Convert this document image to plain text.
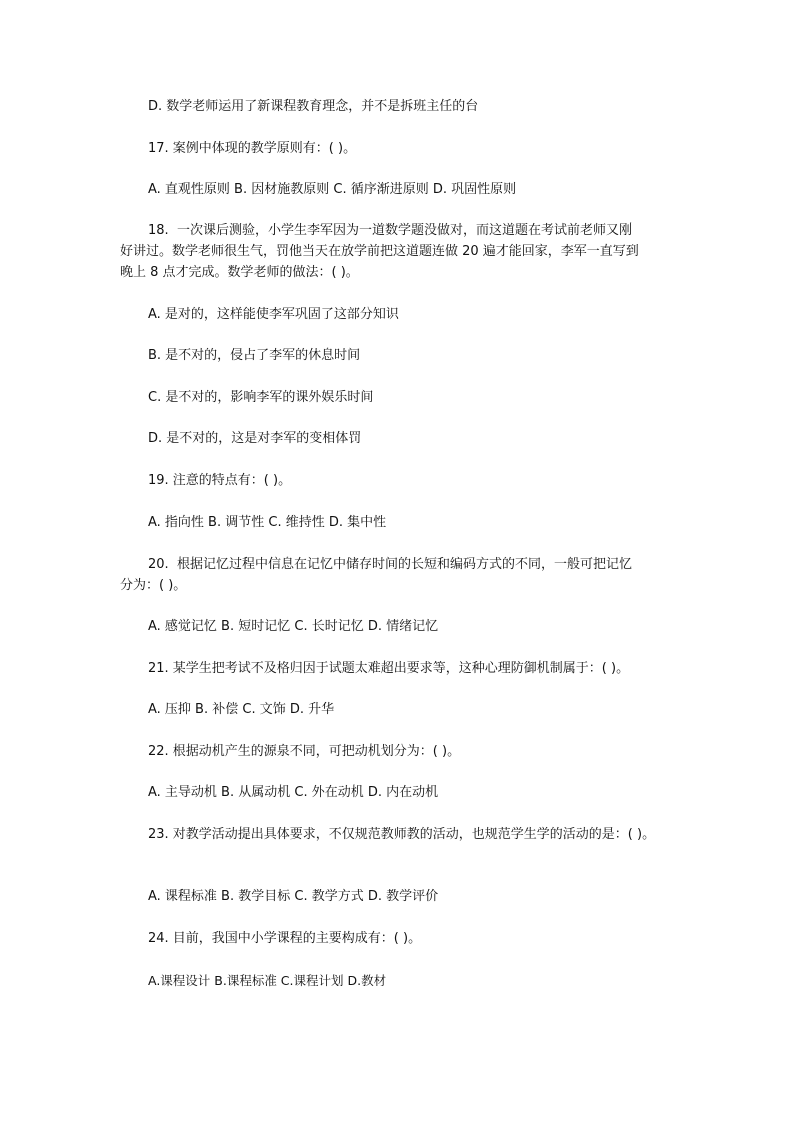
D. 数学老师运用了新课程教育理念，并不是拆班主任的台

17. 案例中体现的教学原则有：( )。

A. 直观性原则 B. 因材施教原则 C. 循序渐进原则 D. 巩固性原则

18.  一次课后测验，小学生李军因为一道数学题没做对，而这道题在考试前老师又刚

好讲过。数学老师很生气，罚他当天在放学前把这道题连做 20 遍才能回家，李军一直写到

晚上 8 点才完成。数学老师的做法：( )。

A. 是对的，这样能使李军巩固了这部分知识

B. 是不对的，侵占了李军的休息时间

C. 是不对的，影响李军的课外娱乐时间

D. 是不对的，这是对李军的变相体罚

19. 注意的特点有：( )。

A. 指向性 B. 调节性 C. 维持性 D. 集中性

20.  根据记忆过程中信息在记忆中储存时间的长短和编码方式的不同，一般可把记忆

分为：( )。

A. 感觉记忆 B. 短时记忆 C. 长时记忆 D. 情绪记忆

21. 某学生把考试不及格归因于试题太难超出要求等，这种心理防御机制属于：( )。

A. 压抑 B. 补偿 C. 文饰 D. 升华

22. 根据动机产生的源泉不同，可把动机划分为：( )。

A. 主导动机 B. 从属动机 C. 外在动机 D. 内在动机

23. 对教学活动提出具体要求，不仅规范教师教的活动，也规范学生学的活动的是：( )。

A. 课程标准 B. 教学目标 C. 教学方式 D. 教学评价

24. 目前，我国中小学课程的主要构成有：( )。

A.课程设计 B.课程标准 C.课程计划 D.教材
